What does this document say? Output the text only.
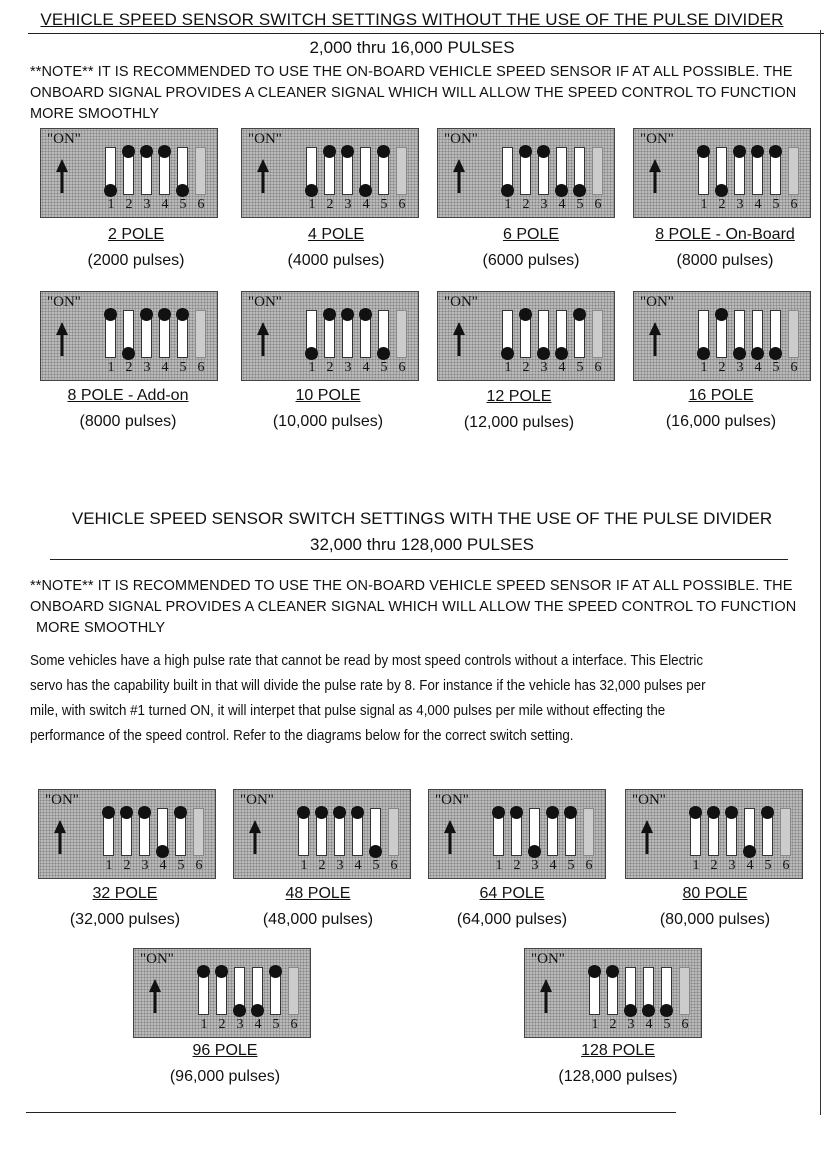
VEHICLE SPEED SENSOR SWITCH SETTINGS WITHOUT THE USE OF THE PULSE DIVIDER
2,000 thru 16,000 PULSES
**NOTE** IT IS RECOMMENDED TO USE THE ON-BOARD VEHICLE SPEED SENSOR IF AT ALL POSSIBLE. THE
ONBOARD SIGNAL PROVIDES A CLEANER SIGNAL WHICH WILL ALLOW THE SPEED CONTROL TO FUNCTION
MORE SMOOTHLY
VEHICLE SPEED SENSOR SWITCH SETTINGS WITH THE USE OF THE PULSE DIVIDER
32,000 thru 128,000 PULSES
**NOTE** IT IS RECOMMENDED TO USE THE ON-BOARD VEHICLE SPEED SENSOR IF AT ALL POSSIBLE. THE
ONBOARD SIGNAL PROVIDES A CLEANER SIGNAL WHICH WILL ALLOW THE SPEED CONTROL TO FUNCTION
MORE SMOOTHLY
Some vehicles have a high pulse rate that cannot be read by most speed controls without a interface. This Electric
servo has the capability built in that will divide the pulse rate by 8. For instance if the vehicle has 32,000 pulses per
mile, with switch #1 turned ON, it will interpet that pulse signal as 4,000 pulses per mile without effecting the
performance of the speed control. Refer to the diagrams below for the correct switch setting.
"ON"
1 2 3 4 5 6
2 POLE
(2000 pulses)
"ON"
1 2 3 4 5 6
4 POLE
(4000 pulses)
"ON"
1 2 3 4 5 6
6 POLE
(6000 pulses)
"ON"
1 2 3 4 5 6
8 POLE - On-Board
(8000 pulses)
"ON"
1 2 3 4 5 6
8 POLE - Add-on
(8000 pulses)
"ON"
1 2 3 4 5 6
10 POLE
(10,000 pulses)
"ON"
1 2 3 4 5 6
12 POLE
(12,000 pulses)
"ON"
1 2 3 4 5 6
16 POLE
(16,000 pulses)
"ON"
1 2 3 4 5 6
32 POLE
(32,000 pulses)
"ON"
1 2 3 4 5 6
48 POLE
(48,000 pulses)
"ON"
1 2 3 4 5 6
64 POLE
(64,000 pulses)
"ON"
1 2 3 4 5 6
80 POLE
(80,000 pulses)
"ON"
1 2 3 4 5 6
96 POLE
(96,000 pulses)
"ON"
1 2 3 4 5 6
128 POLE
(128,000 pulses)
